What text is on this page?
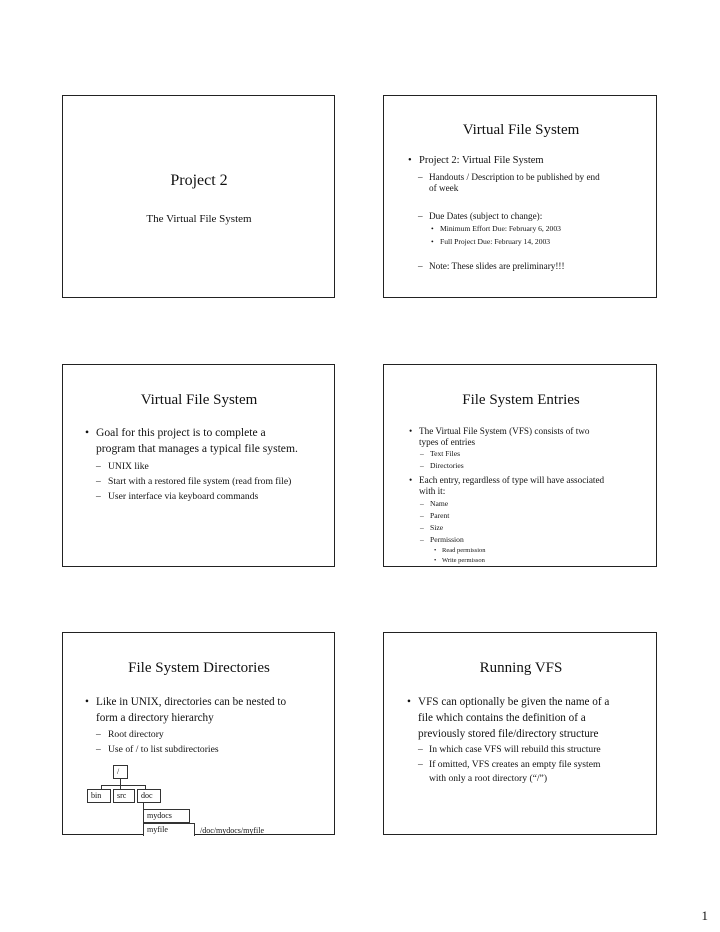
Project 2
The Virtual File System
Virtual File System
• Project 2: Virtual File System
– Handouts / Description to be published by end
of week
– Due Dates (subject to change):
• Minimum Effort Due: February 6, 2003
• Full Project Due: February 14, 2003
– Note: These slides are preliminary!!!
Virtual File System
• Goal for this project is to complete a
program that manages a typical file system.
– UNIX like
– Start with a restored file system (read from file)
– User interface via keyboard commands
File System Entries
• The Virtual File System (VFS) consists of two
types of entries
– Text Files
– Directories
• Each entry, regardless of type will have associated
with it:
– Name
– Parent
– Size
– Permission
• Read permission
• Write permisson
File System Directories
• Like in UNIX, directories can be nested to
form a directory hierarchy
– Root directory
– Use of / to list subdirectories
/
bin	src	doc
mydocs
myfile	/doc/mydocs/myfile
Running VFS
• VFS can optionally be given the name of a
file which contains the definition of a
previously stored file/directory structure
– In which case VFS will rebuild this structure
– If omitted, VFS creates an empty file system
with only a root directory (“/”)
1
